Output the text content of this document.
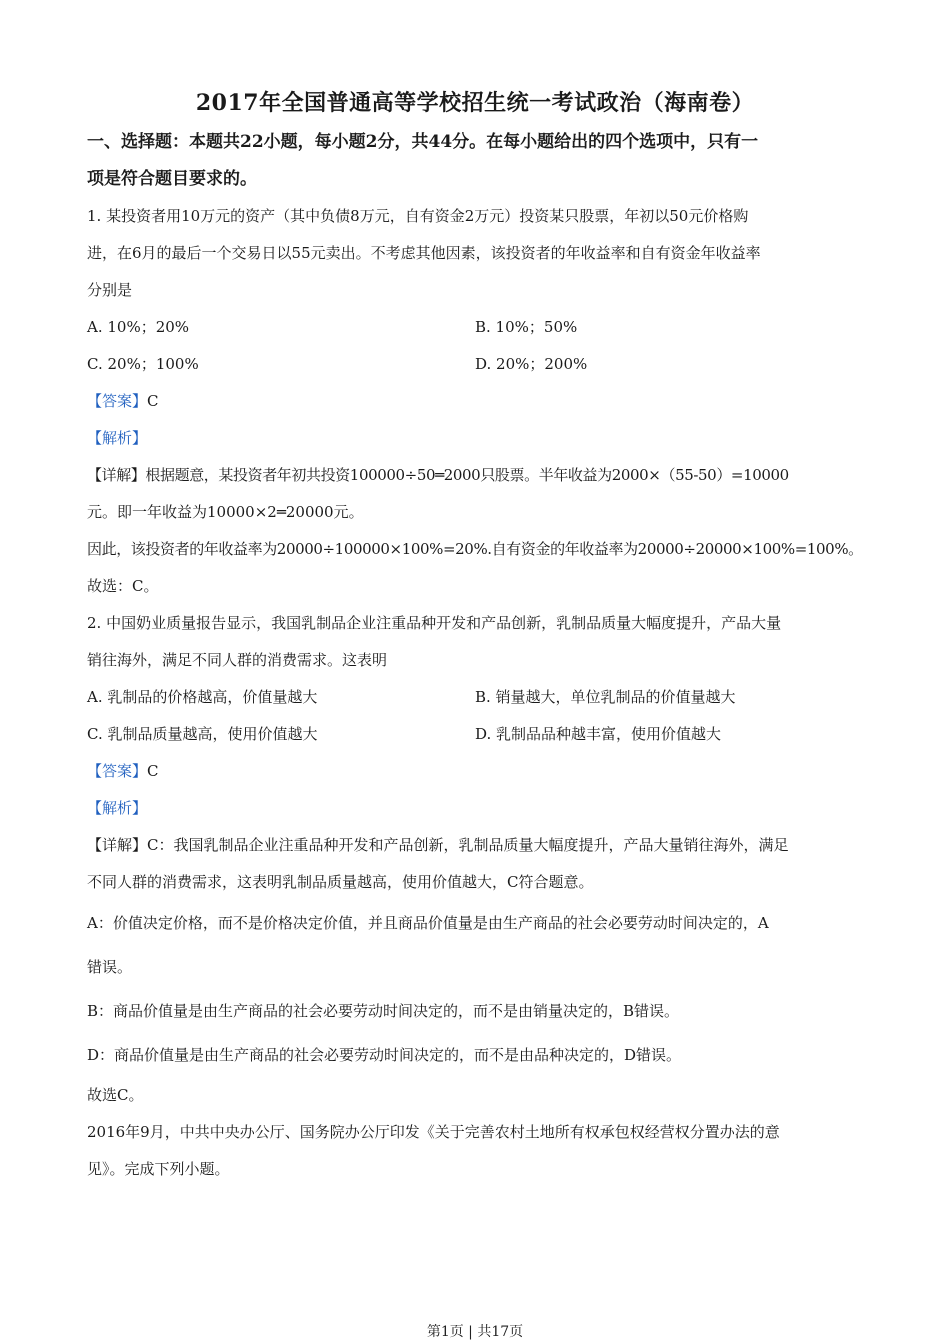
2017年全国普通高等学校招生统一考试政治（海南卷）
一、选择题：本题共22小题，每小题2分，共44分。在每小题给出的四个选项中，只有一
项是符合题目要求的。
1. 某投资者用10万元的资产（其中负债8万元，自有资金2万元）投资某只股票，年初以50元价格购
进，在6月的最后一个交易日以55元卖出。不考虑其他因素，该投资者的年收益率和自有资金年收益率
分别是
A. 10%；20%	B. 10%；50%
C. 20%；100%	D. 20%；200%
【答案】C
【解析】
【详解】根据题意，某投资者年初共投资100000÷50═2000只股票。半年收益为2000×（55-50）=10000
元。即一年收益为10000×2═20000元。
因此，该投资者的年收益率为20000÷100000×100%=20%.自有资金的年收益率为20000÷20000×100%=100%。
故选：C。
2. 中国奶业质量报告显示，我国乳制品企业注重品种开发和产品创新，乳制品质量大幅度提升，产品大量
销往海外，满足不同人群的消费需求。这表明
A. 乳制品的价格越高，价值量越大	B. 销量越大，单位乳制品的价值量越大
C. 乳制品质量越高，使用价值越大	D. 乳制品品种越丰富，使用价值越大
【答案】C
【解析】
【详解】C：我国乳制品企业注重品种开发和产品创新，乳制品质量大幅度提升，产品大量销往海外，满足
不同人群的消费需求，这表明乳制品质量越高，使用价值越大，C符合题意。
A：价值决定价格，而不是价格决定价值，并且商品价值量是由生产商品的社会必要劳动时间决定的，A
错误。
B：商品价值量是由生产商品的社会必要劳动时间决定的，而不是由销量决定的，B错误。
D：商品价值量是由生产商品的社会必要劳动时间决定的，而不是由品种决定的，D错误。
故选C。
2016年9月，中共中央办公厅、国务院办公厅印发《关于完善农村土地所有权承包权经营权分置办法的意
见》。完成下列小题。
第1页 | 共17页
